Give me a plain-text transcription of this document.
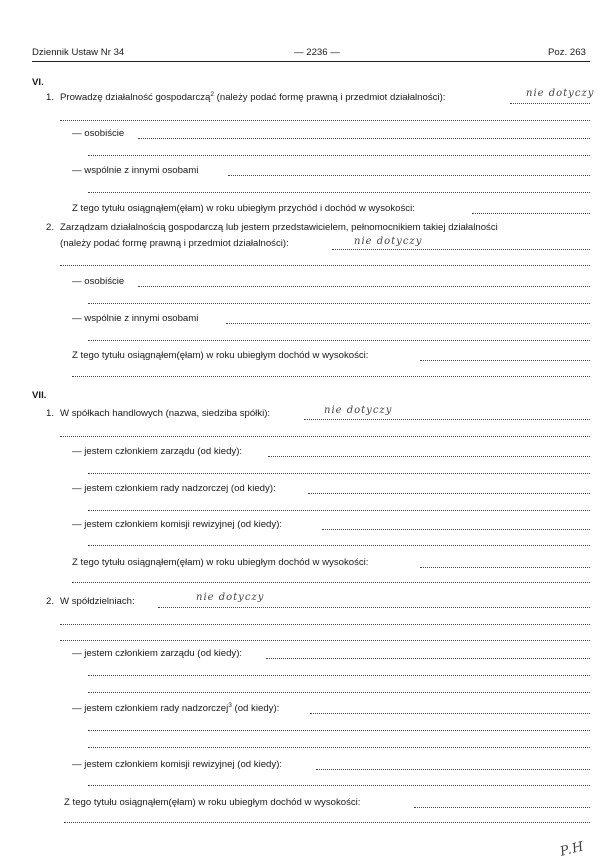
Dziennik Ustaw Nr 34	— 2236 —	Poz. 263
VI.
1. Prowadzę działalność gospodarczą$^2$ (należy podać formę prawną i przedmiot działalności):	nie dotyczy
— osobiście
— wspólnie z innymi osobami
Z tego tytułu osiągnąłem(ęłam) w roku ubiegłym przychód i dochód w wysokości:
2. Zarządzam działalnością gospodarczą lub jestem przedstawicielem, pełnomocnikiem takiej działalności
(należy podać formę prawną i przedmiot działalności):	nie dotyczy
— osobiście
— wspólnie z innymi osobami
Z tego tytułu osiągnąłem(ęłam) w roku ubiegłym dochód w wysokości:
VII.
1. W spółkach handlowych (nazwa, siedziba spółki):	nie dotyczy
— jestem członkiem zarządu (od kiedy):
— jestem członkiem rady nadzorczej (od kiedy):
— jestem członkiem komisji rewizyjnej (od kiedy):
Z tego tytułu osiągnąłem(ęłam) w roku ubiegłym dochód w wysokości:
2. W spółdzielniach:	nie dotyczy
— jestem członkiem zarządu (od kiedy):
— jestem członkiem rady nadzorczej$^3$ (od kiedy):
— jestem członkiem komisji rewizyjnej (od kiedy):
Z tego tytułu osiągnąłem(ęłam) w roku ubiegłym dochód w wysokości:
P.H
